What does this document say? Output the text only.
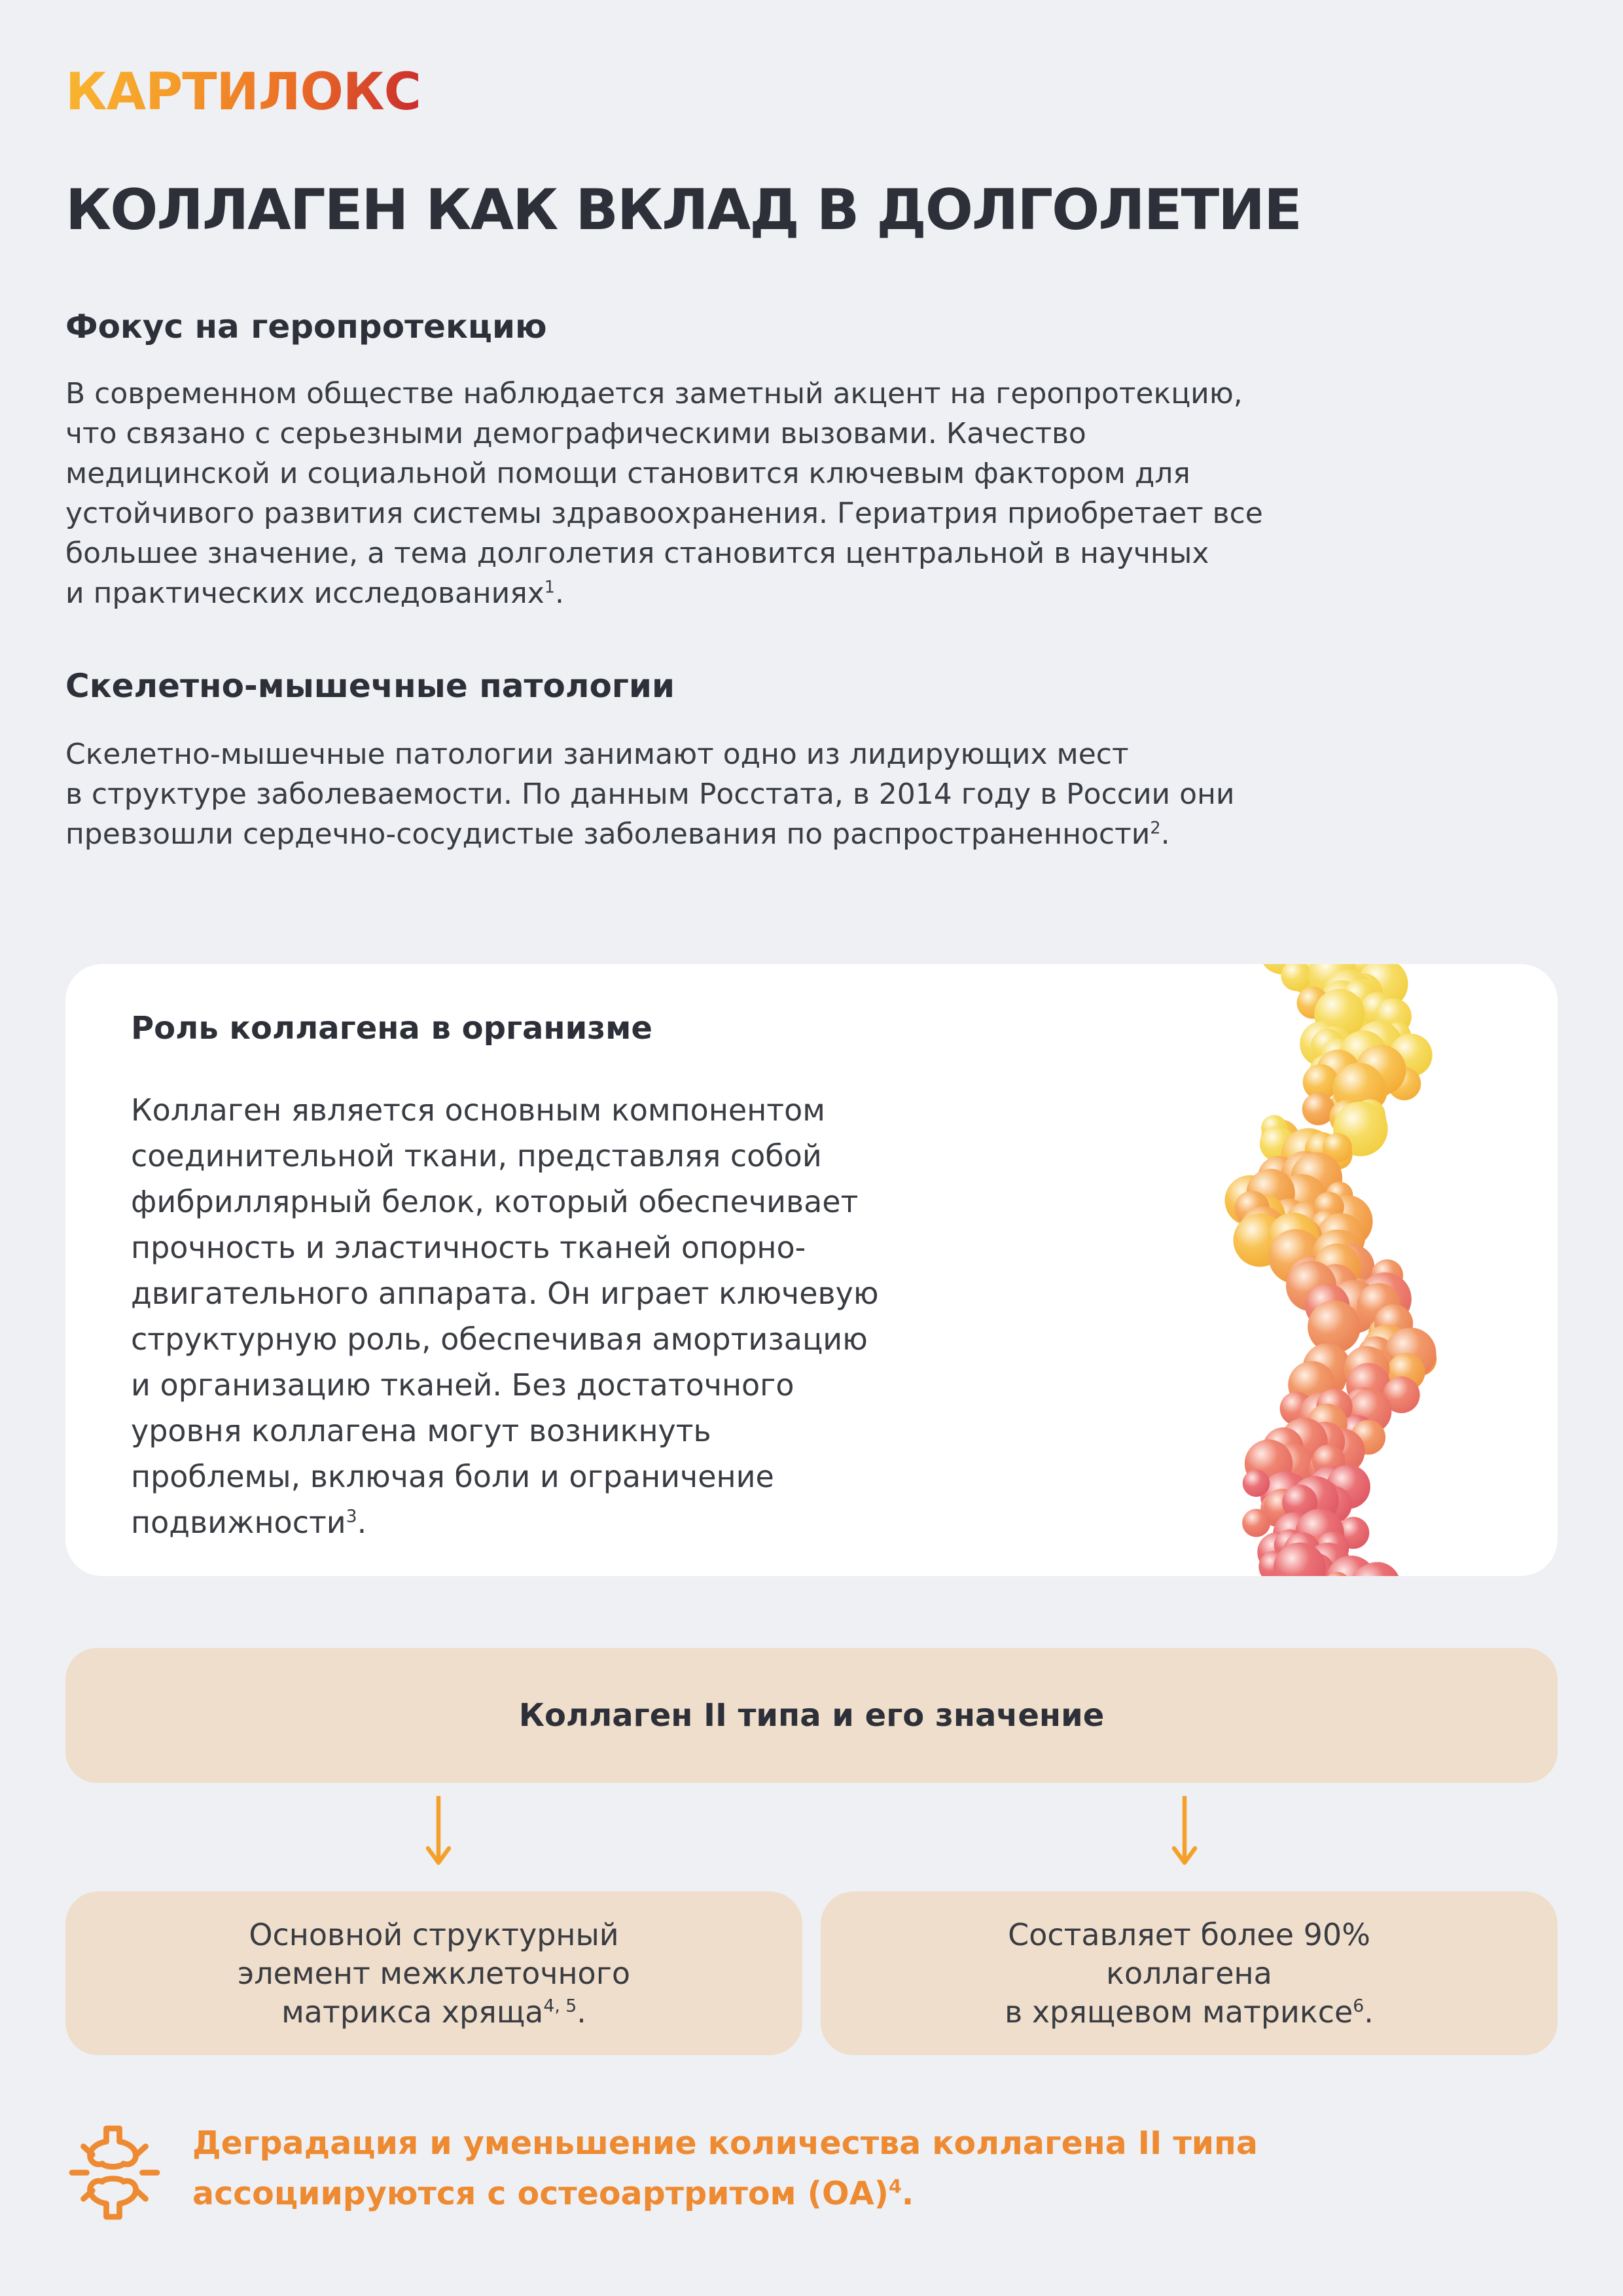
КАРТИЛОКС
КОЛЛАГЕН КАК ВКЛАД В ДОЛГОЛЕТИЕ
Фокус на геропротекцию

В современном обществе наблюдается заметный акцент на геропротекцию,
что связано с серьезными демографическими вызовами. Качество
медицинской и социальной помощи становится ключевым фактором для
устойчивого развития системы здравоохранения. Гериатрия приобретает все
большее значение, а тема долголетия становится центральной в научных
и практических исследованиях$^1$.

Скелетно-мышечные патологии

Скелетно-мышечные патологии занимают одно из лидирующих мест
в структуре заболеваемости. По данным Росстата, в 2014 году в России они
превзошли сердечно-сосудистые заболевания по распространенности$^2$.

Роль коллагена в организме

Коллаген является основным компонентом
соединительной ткани, представляя собой
фибриллярный белок, который обеспечивает
прочность и эластичность тканей опорно-
двигательного аппарата. Он играет ключевую
структурную роль, обеспечивая амортизацию
и организацию тканей. Без достаточного
уровня коллагена могут возникнуть
проблемы, включая боли и ограничение
подвижности$^3$.

Коллаген II типа и его значение

Основной структурный
элемент межклеточного
матрикса хряща$^{4, 5}$.

Составляет более 90%
коллагена
в хрящевом матриксе$^6$.

Деградация и уменьшение количества коллагена II типа
ассоциируются с остеоартритом (ОА)$^4$.
